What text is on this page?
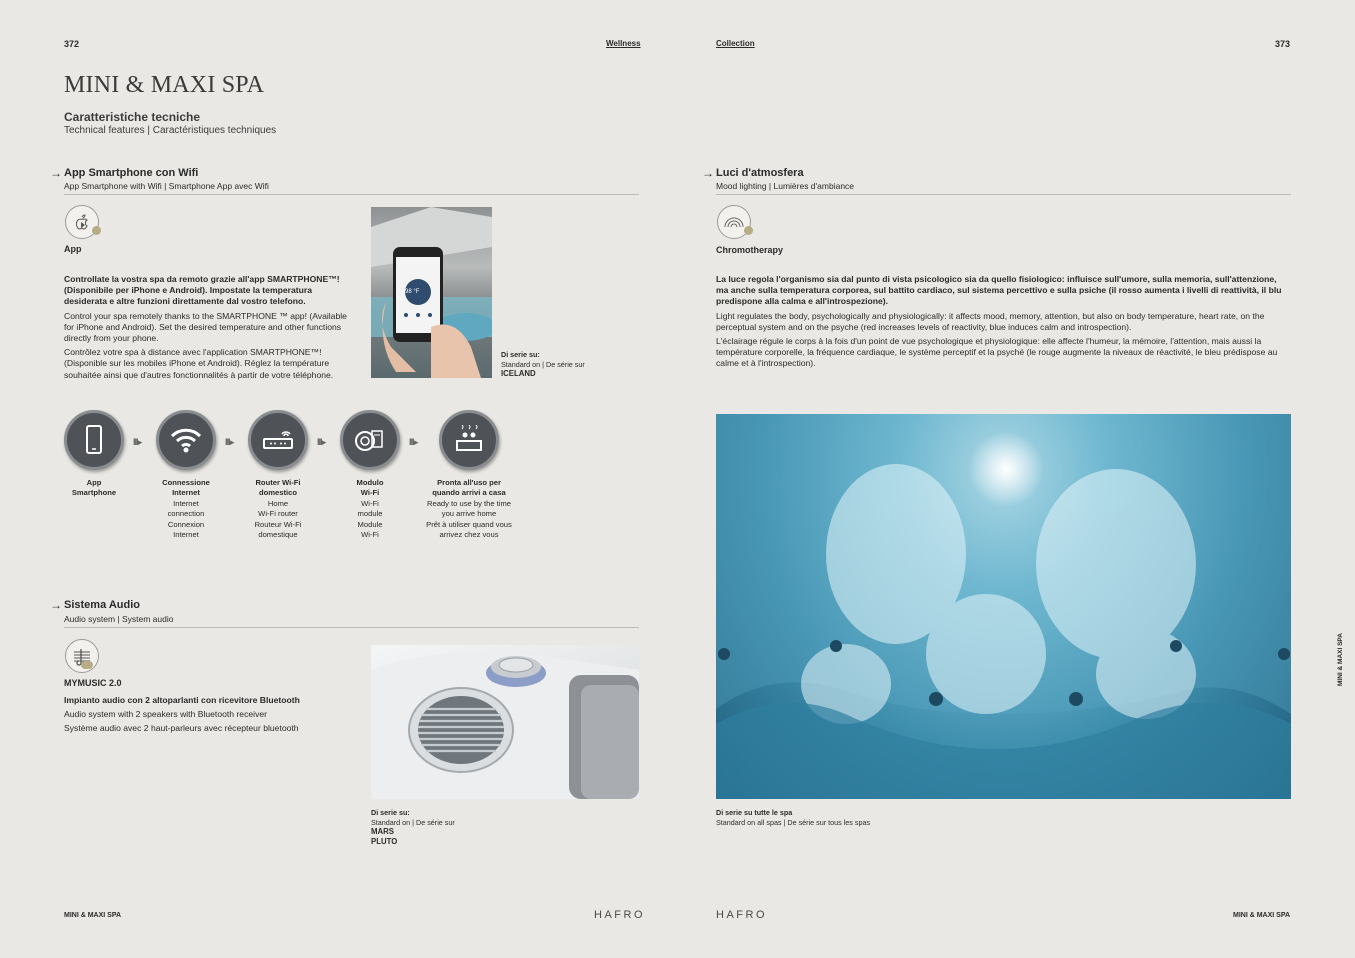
372	Wellness	Collection	373
MINI & MAXI SPA
Caratteristiche tecniche
Technical features | Caractéristiques techniques
→ App Smartphone con Wifi
App Smartphone with Wifi | Smartphone App avec Wifi
App

Controllate la vostra spa da remoto grazie all'app SMARTPHONE™! (Disponibile per iPhone e Android). Impostate la temperatura desiderata e altre funzioni direttamente dal vostro telefono.

Control your spa remotely thanks to the SMARTPHONE ™ app! (Available for iPhone and Android). Set the desired temperature and other functions directly from your phone.

Contrôlez votre spa à distance avec l'application SMARTPHONE™! (Disponible sur les mobiles iPhone et Android). Réglez la température souhaitée ainsi que d'autres fonctionnalités à partir de votre téléphone.

98 °F
Di serie su:
Standard on | De série sur
ICELAND
App
Smartphone
III▸
Connessione
Internet
Internet
connection
Connexion
Internet
III▸
Router Wi-Fi
domestico
Home
Wi-Fi router
Routeur Wi-Fi
domestique
III▸
Modulo
Wi-Fi
Wi-Fi
module
Module
Wi-Fi
III▸
Pronta all'uso per
quando arrivi a casa
Ready to use by the time
you arrive home
Prêt à utiliser quand vous
arrivez chez vous
→ Sistema Audio
Audio system | System audio
MYMUSIC 2.0

Impianto audio con 2 altoparlanti con ricevitore Bluetooth

Audio system with 2 speakers with Bluetooth receiver

Système audio avec 2 haut-parleurs avec récepteur bluetooth

Di serie su:
Standard on | De série sur
MARS
PLUTO
→ Luci d'atmosfera
Mood lighting | Lumières d'ambiance
Chromotherapy

La luce regola l'organismo sia dal punto di vista psicologico sia da quello fisiologico: influisce sull'umore, sulla memoria, sull'attenzione, ma anche sulla temperatura corporea, sul battito cardiaco, sul sistema percettivo e sulla psiche (il rosso aumenta i livelli di reattività, il blu predispone alla calma e all'introspezione).

Light regulates the body, psychologically and physiologically: it affects mood, memory, attention, but also on body temperature, heart rate, on the perceptual system and on the psyche (red increases levels of reactivity, blue induces calm and introspection).

L'éclairage régule le corps à la fois d'un point de vue psychologique et physiologique: elle affecte l'humeur, la mémoire, l'attention, mais aussi la température corporelle, la fréquence cardiaque, le système perceptif et la psyché (le rouge augmente la niveaux de réactivité, le bleu prédispose au calme et à l'introspection).

Di serie su tutte le spa
Standard on all spas | De série sur tous les spas
MINI & MAXI SPA
MINI & MAXI SPA	HAFRO	HAFRO	MINI & MAXI SPA
